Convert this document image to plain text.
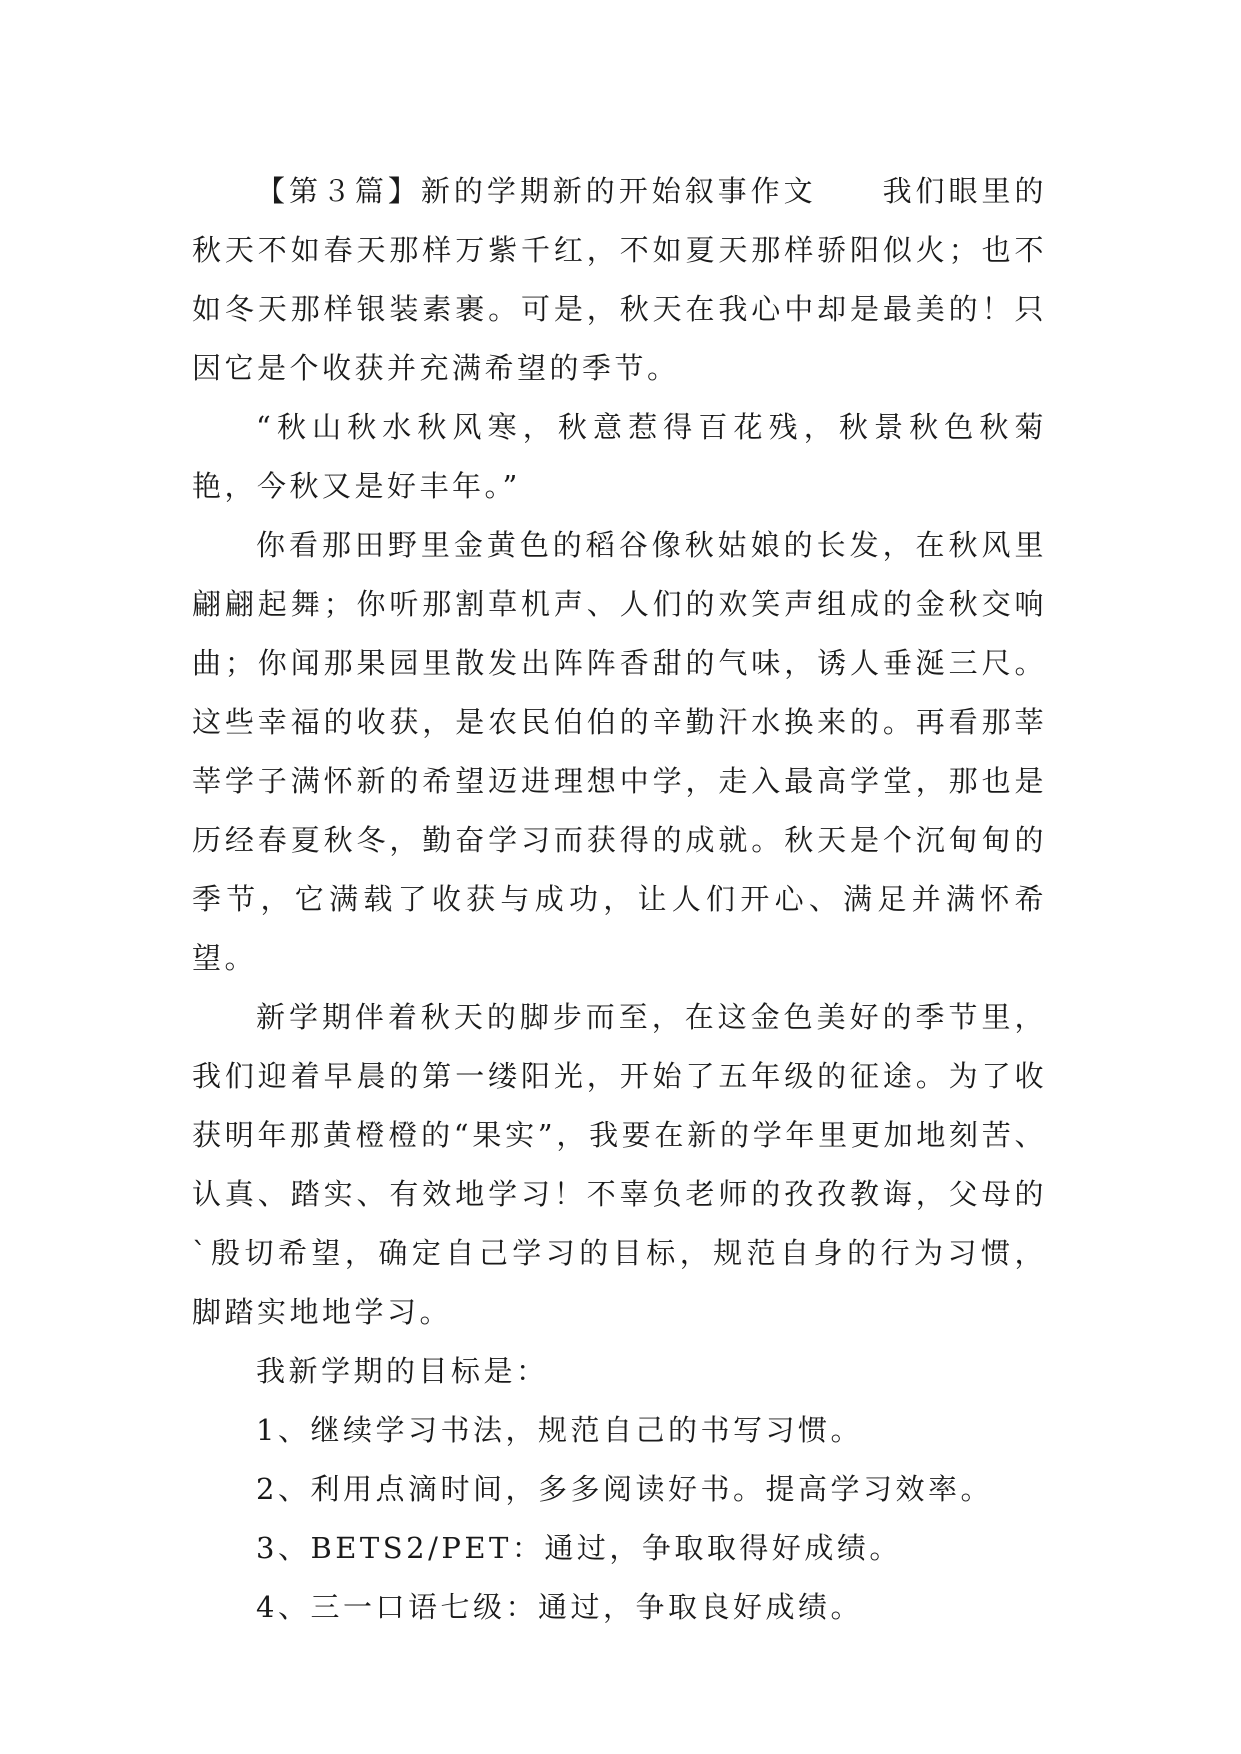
【第３篇】新的学期新的开始叙事作文　　我们眼里的秋天不如春天那样万紫千红，不如夏天那样骄阳似火；也不如冬天那样银装素裹。可是，秋天在我心中却是最美的！只因它是个收获并充满希望的季节。

“秋山秋水秋风寒，秋意惹得百花残，秋景秋色秋菊艳，今秋又是好丰年。”

你看那田野里金黄色的稻谷像秋姑娘的长发，在秋风里翩翩起舞；你听那割草机声、人们的欢笑声组成的金秋交响曲；你闻那果园里散发出阵阵香甜的气味，诱人垂涎三尺。这些幸福的收获，是农民伯伯的辛勤汗水换来的。再看那莘莘学子满怀新的希望迈进理想中学，走入最高学堂，那也是历经春夏秋冬，勤奋学习而获得的成就。秋天是个沉甸甸的季节，它满载了收获与成功，让人们开心、满足并满怀希望。

新学期伴着秋天的脚步而至，在这金色美好的季节里，我们迎着早晨的第一缕阳光，开始了五年级的征途。为了收获明年那黄橙橙的“果实”，我要在新的学年里更加地刻苦、认真、踏实、有效地学习！不辜负老师的孜孜教诲，父母的`殷切希望，确定自己学习的目标，规范自身的行为习惯，脚踏实地地学习。

我新学期的目标是：

1、继续学习书法，规范自己的书写习惯。

2、利用点滴时间，多多阅读好书。提高学习效率。

3、BETS2/PET：通过，争取取得好成绩。

4、三一口语七级：通过，争取良好成绩。
